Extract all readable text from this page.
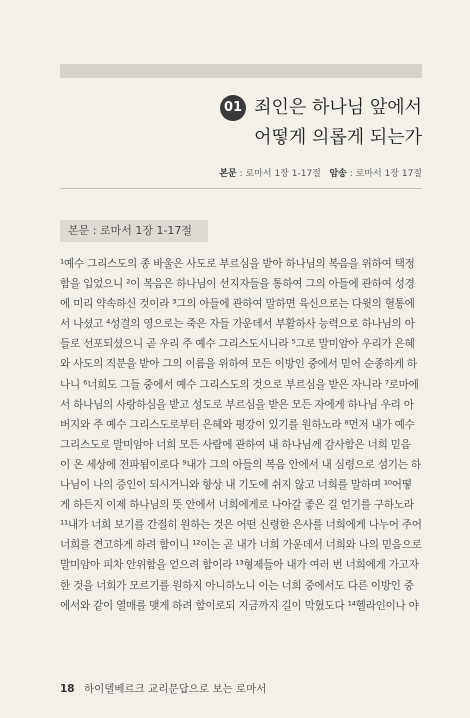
01 죄인은 하나님 앞에서
어떻게 의롭게 되는가
본문 : 로마서 1장 1-17절 암송 : 로마서 1장 17절
본문 : 로마서 1장 1-17절
¹예수 그리스도의 종 바울은 사도로 부르심을 받아 하나님의 복음을 위하여 택정
함을 입었으니 ²이 복음은 하나님이 선지자들을 통하여 그의 아들에 관하여 성경
에 미리 약속하신 것이라 ³그의 아들에 관하여 말하면 육신으로는 다윗의 혈통에
서 나셨고 ⁴성결의 영으로는 죽은 자들 가운데서 부활하사 능력으로 하나님의 아
들로 선포되셨으니 곧 우리 주 예수 그리스도시니라 ⁵그로 말미암아 우리가 은혜
와 사도의 직분을 받아 그의 이름을 위하여 모든 이방인 중에서 믿어 순종하게 하
나니 ⁶너희도 그들 중에서 예수 그리스도의 것으로 부르심을 받은 자니라 ⁷로마에
서 하나님의 사랑하심을 받고 성도로 부르심을 받은 모든 자에게 하나님 우리 아
버지와 주 예수 그리스도로부터 은혜와 평강이 있기를 원하노라 ⁸먼저 내가 예수
그리스도로 말미암아 너희 모든 사람에 관하여 내 하나님께 감사함은 너희 믿음
이 온 세상에 전파됨이로다 ⁹내가 그의 아들의 복음 안에서 내 심령으로 섬기는 하
나님이 나의 증인이 되시거니와 항상 내 기도에 쉬지 않고 너희를 말하며 ¹⁰어떻
게 하든지 이제 하나님의 뜻 안에서 너희에게로 나아갈 좋은 길 얻기를 구하노라
¹¹내가 너희 보기를 간절히 원하는 것은 어떤 신령한 은사를 너희에게 나누어 주어
너희를 견고하게 하려 함이니 ¹²이는 곧 내가 너희 가운데서 너희와 나의 믿음으로
말미암아 피차 안위함을 얻으려 함이라 ¹³형제들아 내가 여러 번 너희에게 가고자
한 것을 너희가 모르기를 원하지 아니하노니 이는 너희 중에서도 다른 이방인 중
에서와 같이 열매를 맺게 하려 함이로되 지금까지 길이 막혔도다 ¹⁴헬라인이나 야
18 하이델베르크 교리문답으로 보는 로마서
